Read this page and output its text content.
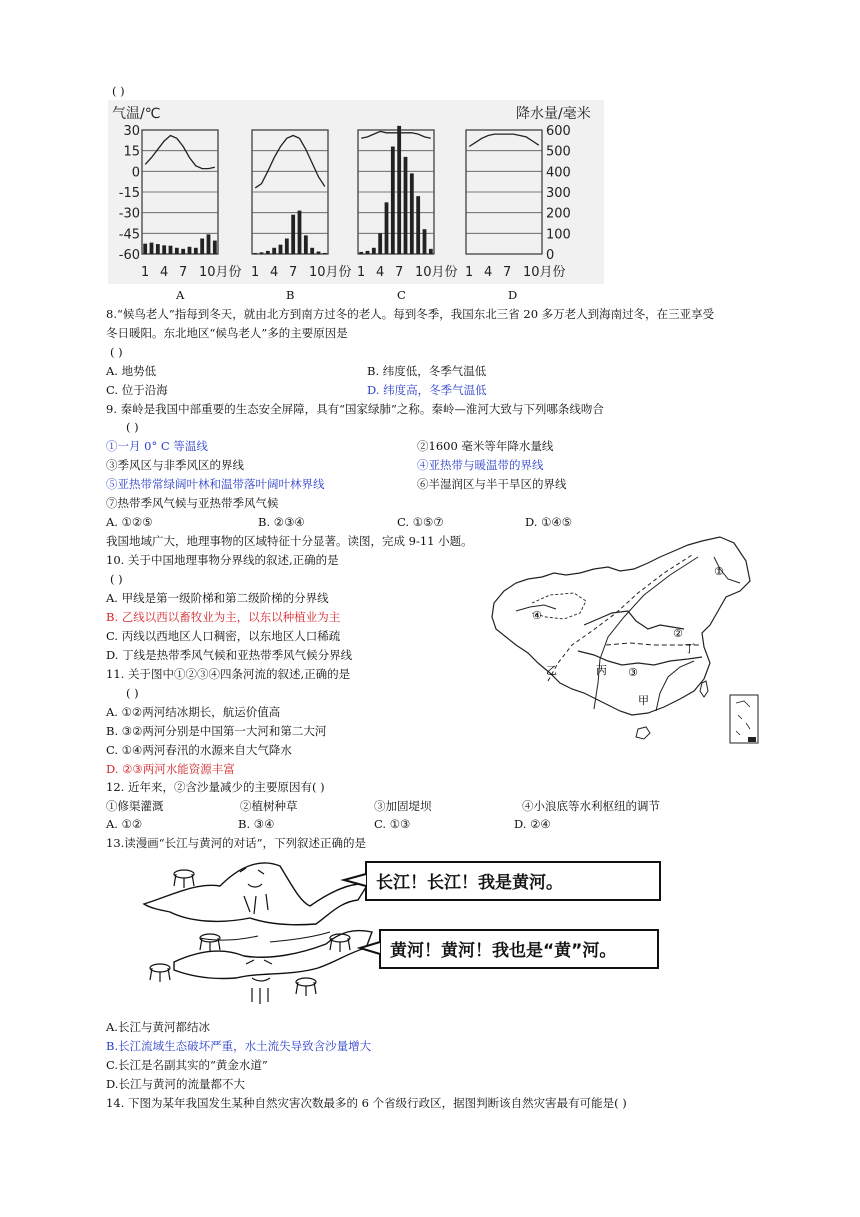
( )
气温/℃	降水量/毫米
30
15
0
-15
-30
-45
-60
600
500
400
300
200
100
0
1 4 7 10月份 1 4 7 10月份 1 4 7 10月份 1 4 7 10月份
8.“候鸟老人”指每到冬天，就由北方到南方过冬的老人。每到冬季，我国东北三省 20 多万老人到海南过冬，在三亚享受
冬日暖阳。东北地区“候鸟老人”多的主要原因是
( )
A. 地势低	B. 纬度低，冬季气温低
C. 位于沿海	D. 纬度高，冬季气温低
9. 秦岭是我国中部重要的生态安全屏障，具有“国家绿肺”之称。秦岭—淮河大致与下列哪条线吻合
( )
①一月 0° C 等温线	②1600 毫米等年降水量线
③季风区与非季风区的界线	④亚热带与暖温带的界线
⑤亚热带常绿阔叶林和温带落叶阔叶林界线	⑥半湿润区与半干旱区的界线
⑦热带季风气候与亚热带季风气候
A. ①②⑤	B. ②③④	C. ①⑤⑦	D. ①④⑤
我国地域广大，地理事物的区域特征十分显著。读图，完成 9-11 小题。
10. 关于中国地理事物分界线的叙述,正确的是
( )
A. 甲线是第一级阶梯和第二级阶梯的分界线
B. 乙线以西以畜牧业为主，以东以种植业为主
C. 丙线以西地区人口稠密，以东地区人口稀疏
D. 丁线是热带季风气候和亚热带季风气候分界线
11. 关于图中①②③④四条河流的叙述,正确的是
( )
A. ①②两河结冰期长，航运价值高
B. ③②两河分别是中国第一大河和第二大河
C. ①④两河春汛的水源来自大气降水
D. ②③两河水能资源丰富
①
②
③
④
甲
乙	丙
丁
12. 近年来，②含沙量减少的主要原因有( )
①修渠灌溉	②植树种草	③加固堤坝	④小浪底等水利枢纽的调节
A. ①②	B. ③④	C. ①③	D. ②④
13.读漫画“长江与黄河的对话”，下列叙述正确的是
长江！长江！我是黄河。
黄河！黄河！我也是“黄”河。
A.长江与黄河都结冰
B.长江流域生态破坏严重，水土流失导致含沙量增大
C.长江是名副其实的“黄金水道”
D.长江与黄河的流量都不大
14. 下图为某年我国发生某种自然灾害次数最多的 6 个省级行政区，据图判断该自然灾害最有可能是( )
A	B	C	D
